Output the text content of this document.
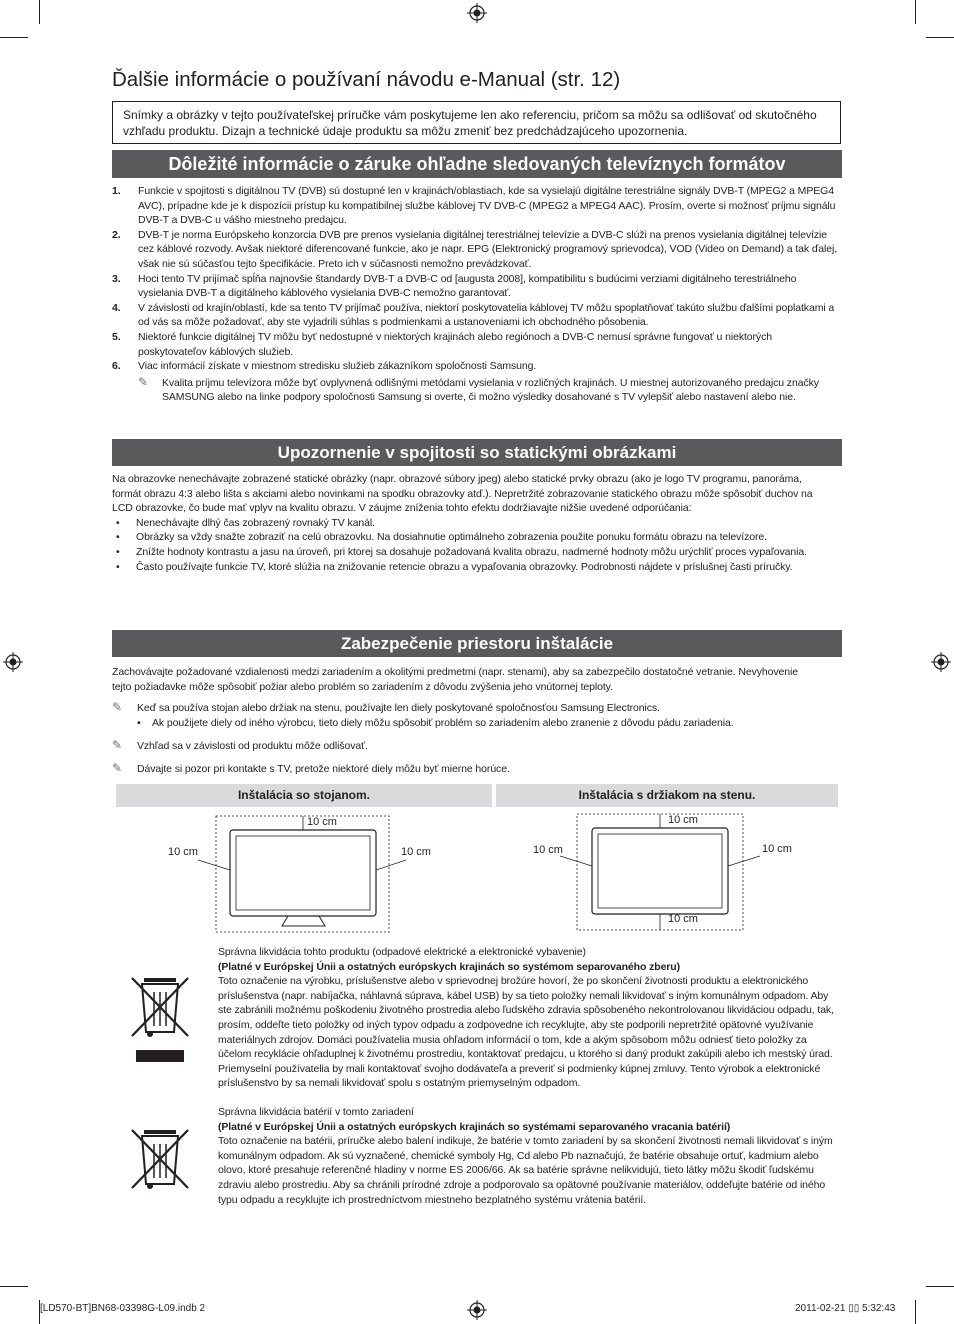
Ďalšie informácie o používaní návodu e-Manual (str. 12)
Snímky a obrázky v tejto používateľskej príručke vám poskytujeme len ako referenciu, pričom sa môžu sa odlišovať od skutočného vzhľadu produktu. Dizajn a technické údaje produktu sa môžu zmeniť bez predchádzajúceho upozornenia.
Dôležité informácie o záruke ohľadne sledovaných televíznych formátov
1. Funkcie v spojitosti s digitálnou TV (DVB) sú dostupné len v krajinách/oblastiach, kde sa vysielajú digitálne terestriálne signály DVB-T (MPEG2 a MPEG4 AVC), prípadne kde je k dispozícii prístup ku kompatibilnej službe káblovej TV DVB-C (MPEG2 a MPEG4 AAC). Prosím, overte si možnosť príjmu signálu DVB-T a DVB-C u vášho miestneho predajcu.
2. DVB-T je norma Európskeho konzorcia DVB pre prenos vysielania digitálnej terestriálnej televízie a DVB-C slúži na prenos vysielania digitálnej televízie cez káblové rozvody. Avšak niektoré diferencované funkcie, ako je napr. EPG (Elektronický programový sprievodca), VOD (Video on Demand) a tak ďalej, však nie sú súčasťou tejto špecifikácie. Preto ich v súčasnosti nemožno prevádzkovať.
3. Hoci tento TV prijímač spĺňa najnovšie štandardy DVB-T a DVB-C od [augusta 2008], kompatibilitu s budúcimi verziami digitálneho terestriálneho vysielania DVB-T a digitálneho káblového vysielania DVB-C nemožno garantovať.
4. V závislosti od krajín/oblastí, kde sa tento TV prijímač používa, niektorí poskytovatelia káblovej TV môžu spoplatňovať takúto službu ďalšími poplatkami a od vás sa môže požadovať, aby ste vyjadrili súhlas s podmienkami a ustanoveniami ich obchodného pôsobenia.
5. Niektoré funkcie digitálnej TV môžu byť nedostupné v niektorých krajinách alebo regiónoch a DVB-C nemusí správne fungovať u niektorých poskytovateľov káblových služieb.
6. Viac informácií získate v miestnom stredisku služieb zákazníkom spoločnosti Samsung.
✎ Kvalita príjmu televízora môže byť ovplyvnená odlišnými metódami vysielania v rozličných krajinách. U miestnej autorizovaného predajcu značky SAMSUNG alebo na linke podpory spoločnosti Samsung si overte, či možno výsledky dosahované s TV vylepšiť alebo nastavení alebo nie.
Upozornenie v spojitosti so statickými obrázkami
Na obrazovke nenechávajte zobrazené statické obrázky (napr. obrazové súbory jpeg) alebo statické prvky obrazu (ako je logo TV programu, panoráma, formát obrazu 4:3 alebo lišta s akciami alebo novinkami na spodku obrazovky atď.). Nepretržité zobrazovanie statického obrazu môže spôsobiť duchov na LCD obrazovke, čo bude mať vplyv na kvalitu obrazu. V záujme zníženia tohto efektu dodržiavajte nižšie uvedené odporúčania:
• Nenechávajte dlhý čas zobrazený rovnaký TV kanál.
• Obrázky sa vždy snažte zobraziť na celú obrazovku. Na dosiahnutie optimálneho zobrazenia použite ponuku formátu obrazu na televízore.
• Znížte hodnoty kontrastu a jasu na úroveň, pri ktorej sa dosahuje požadovaná kvalita obrazu, nadmerné hodnoty môžu urýchliť proces vypaľovania.
• Často používajte funkcie TV, ktoré slúžia na znižovanie retencie obrazu a vypaľovania obrazovky. Podrobnosti nájdete v príslušnej časti príručky.
Zabezpečenie priestoru inštalácie
Zachovávajte požadované vzdialenosti medzi zariadením a okolitými predmetmi (napr. stenami), aby sa zabezpečilo dostatočné vetranie. Nevyhovenie tejto požiadavke môže spôsobiť požiar alebo problém so zariadením z dôvodu zvýšenia jeho vnútornej teploty.
✎	Keď sa používa stojan alebo držiak na stenu, používajte len diely poskytované spoločnosťou Samsung Electronics.
• Ak použijete diely od iného výrobcu, tieto diely môžu spôsobiť problém so zariadením alebo zranenie z dôvodu pádu zariadenia.
✎	Vzhľad sa v závislosti od produktu môže odlišovať.
✎	Dávajte si pozor pri kontakte s TV, pretože niektoré diely môžu byť mierne horúce.
Inštalácia so stojanom.	Inštalácia s držiakom na stenu.
10 cm
10 cm	10 cm
10 cm
10 cm	10 cm
10 cm
Správna likvidácia tohto produktu (odpadové elektrické a elektronické vybavenie)
(Platné v Európskej Únii a ostatných európskych krajinách so systémom separovaného zberu)
Toto označenie na výrobku, príslušenstve alebo v sprievodnej brožúre hovorí, že po skončení životnosti produktu a elektronického príslušenstva (napr. nabíjačka, náhlavná súprava, kábel USB) by sa tieto položky nemali likvidovať s iným komunálnym odpadom. Aby ste zabránili možnému poškodeniu životného prostredia alebo ľudského zdravia spôsobeného nekontrolovanou likvidáciou odpadu, tak, prosím, oddeľte tieto položky od iných typov odpadu a zodpovedne ich recyklujte, aby ste podporili nepretržité opätovné využívanie materiálnych zdrojov. Domáci používatelia musia ohľadom informácií o tom, kde a akým spôsobom môžu odniesť tieto položky za účelom recyklácie ohľaduplnej k životnému prostrediu, kontaktovať predajcu, u ktorého si daný produkt zakúpili alebo ich mestský úrad. Priemyselní používatelia by mali kontaktovať svojho dodávateľa a preveriť si podmienky kúpnej zmluvy. Tento výrobok a elektronické príslušenstvo by sa nemali likvidovať spolu s ostatným priemyselným odpadom.
Správna likvidácia batérií v tomto zariadení
(Platné v Európskej Únii a ostatných európskych krajinách so systémami separovaného vracania batérií)
Toto označenie na batérii, príručke alebo balení indikuje, že batérie v tomto zariadení by sa skončení životnosti nemali likvidovať s iným komunálnym odpadom. Ak sú vyznačené, chemické symboly Hg, Cd alebo Pb naznačujú, že batérie obsahuje ortuť, kadmium alebo olovo, ktoré presahuje referenčné hladiny v norme ES 2006/66. Ak sa batérie správne nelikvidujú, tieto látky môžu škodiť ľudskému zdraviu alebo prostrediu. Aby sa chránili prírodné zdroje a podporovalo sa opätovné používanie materiálov, oddeľujte batérie od iného typu odpadu a recyklujte ich prostredníctvom miestneho bezplatného systému vrátenia batérií.
[LD570-BT]BN68-03398G-L09.indb 2	2011-02-21 ▯▯ 5:32:43
